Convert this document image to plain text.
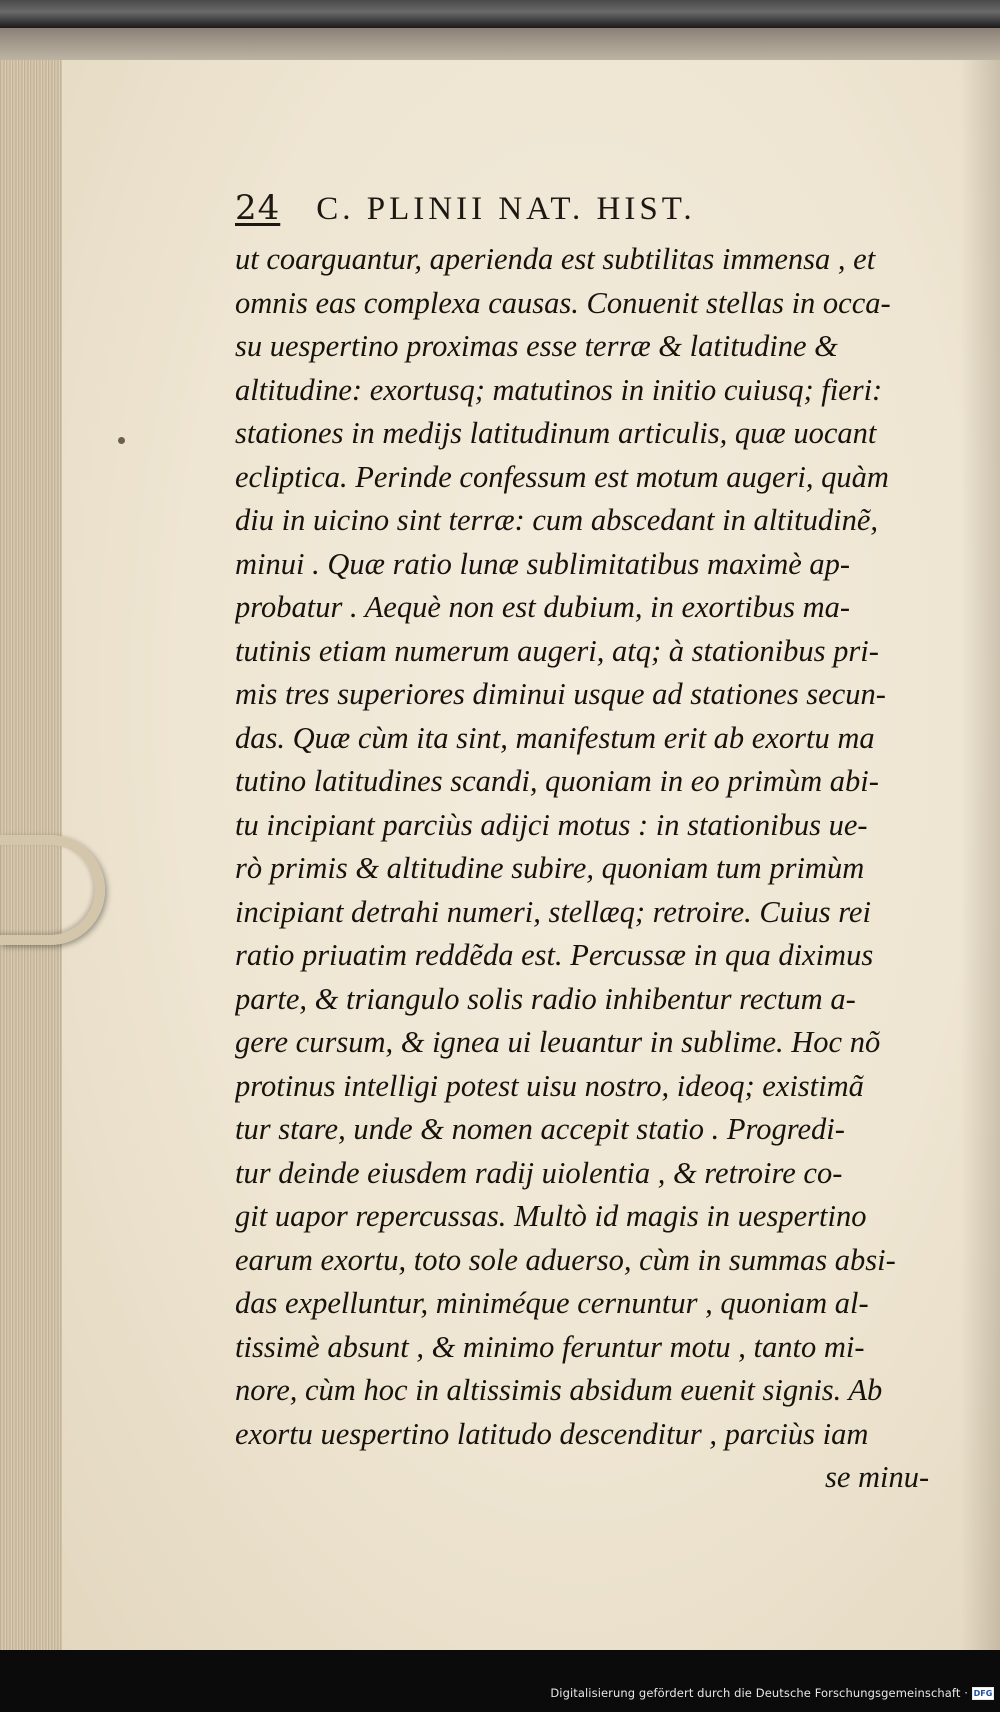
24 C. PLINII NAT. HIST.
ut coarguantur, aperienda est subtilitas immensa , et
omnis eas complexa causas. Conuenit stellas in occa-
su uespertino proximas esse terræ & latitudine &
altitudine: exortusq; matutinos in initio cuiusq; fieri:
stationes in medijs latitudinum articulis, quæ uocant
ecliptica. Perinde confessum est motum augeri, quàm
diu in uicino sint terræ: cum abscedant in altitudinẽ,
minui . Quæ ratio lunæ sublimitatibus maximè ap-
probatur . Aequè non est dubium, in exortibus ma-
tutinis etiam numerum augeri, atq; à stationibus pri-
mis tres superiores diminui usque ad stationes secun-
das. Quæ cùm ita sint, manifestum erit ab exortu ma
tutino latitudines scandi, quoniam in eo primùm abi-
tu incipiant parciùs adijci motus : in stationibus ue-
rò primis & altitudine subire, quoniam tum primùm
incipiant detrahi numeri, stellæq; retroire. Cuius rei
ratio priuatim reddẽda est. Percussæ in qua diximus
parte, & triangulo solis radio inhibentur rectum a-
gere cursum, & ignea ui leuantur in sublime. Hoc nõ
protinus intelligi potest uisu nostro, ideoq; existimã
tur stare, unde & nomen accepit statio . Progredi-
tur deinde eiusdem radij uiolentia , & retroire co-
git uapor repercussas. Multò id magis in uespertino
earum exortu, toto sole aduerso, cùm in summas absi-
das expelluntur, miniméque cernuntur , quoniam al-
tissimè absunt , & minimo feruntur motu , tanto mi-
nore, cùm hoc in altissimis absidum euenit signis. Ab
exortu uespertino latitudo descenditur , parciùs iam
se minu-
Digitalisierung gefördert durch die Deutsche Forschungsgemeinschaft · DFG
